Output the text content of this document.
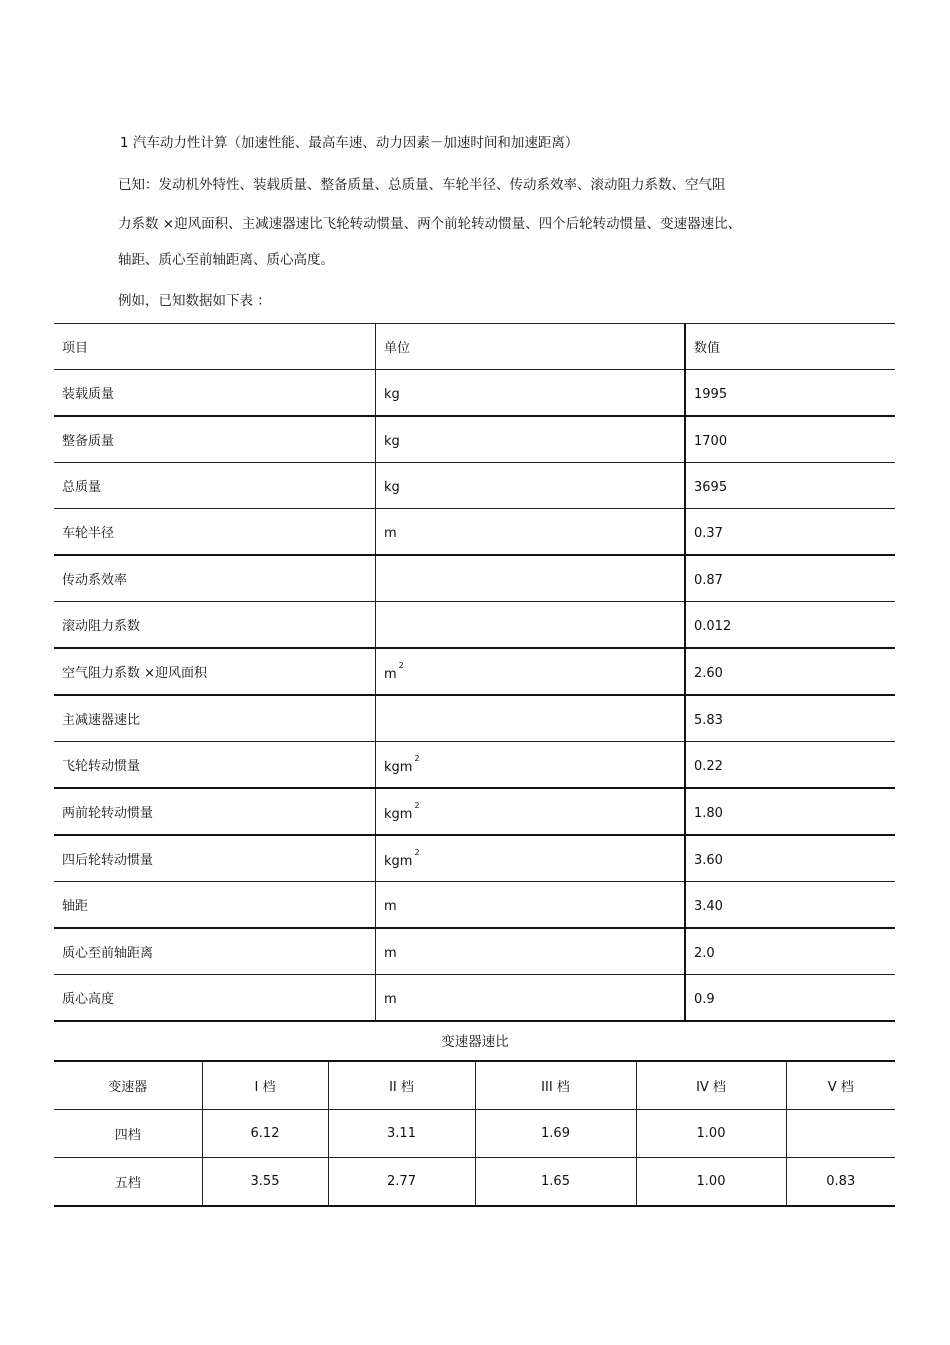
1 汽车动力性计算（加速性能、最高车速、动力因素－加速时间和加速距离）
已知：发动机外特性、装载质量、整备质量、总质量、车轮半径、传动系效率、滚动阻力系数、空气阻
力系数 ×迎风面积、主减速器速比飞轮转动惯量、两个前轮转动惯量、四个后轮转动惯量、变速器速比、
轴距、质心至前轴距离、质心高度。
例如，已知数据如下表 ：
项目	单位	数值
装载质量	kg	1995
整备质量	kg	1700
总质量	kg	3695
车轮半径	m	0.37
传动系效率		0.87
滚动阻力系数		0.012
空气阻力系数 ×迎风面积	$m^2$	2.60
主减速器速比		5.83
飞轮转动惯量	kgm$^2$	0.22
两前轮转动惯量	kgm$^2$	1.80
四后轮转动惯量	kgm$^2$	3.60
轴距	m	3.40
质心至前轴距离	m	2.0
质心高度	m	0.9
变速器速比
变速器	I 档	II 档	III 档	IV 档	V 档
四档	6.12	3.11	1.69	1.00	
五档	3.55	2.77	1.65	1.00	0.83
